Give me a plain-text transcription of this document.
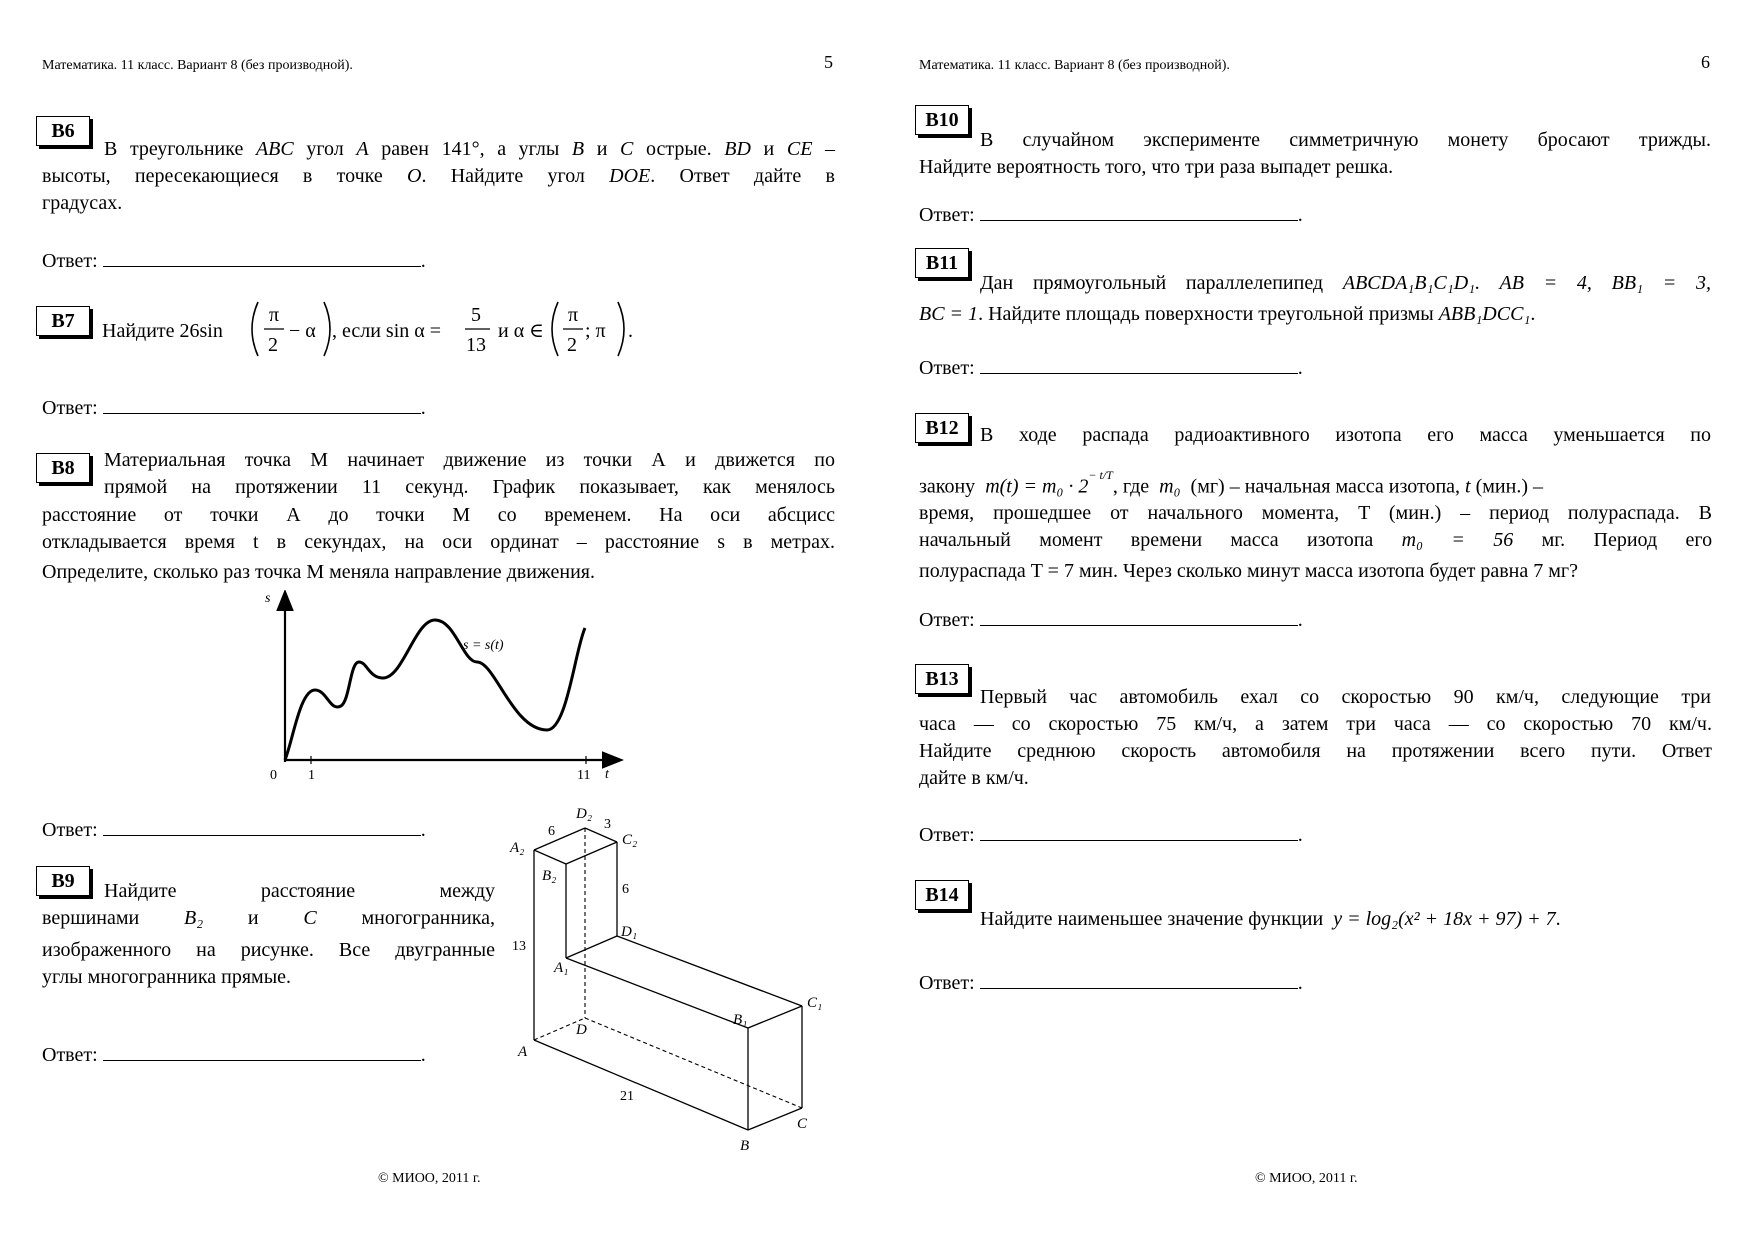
Математика. 11 класс. Вариант 8 (без производной).	5
B6
В треугольнике ABC угол A равен 141°, а углы B и C острые. BD и CE –
высоты, пересекающиеся в точке O. Найдите угол DOE. Ответ дайте в
градусах.
Ответ:	.
B7	Найдите 26sin
π
2
− α , если sin α =
5
13
и α ∈
π
2
; π .
Ответ:	.
B8	Материальная точка М начинает движение из точки А и движется по
прямой на протяжении 11 секунд. График показывает, как менялось
расстояние от точки А до точки М со временем. На оси абсцисс
откладывается время t в секундах, на оси ординат – расстояние s в метрах.
Определите, сколько раз точка М меняла направление движения.
s
t
0 1	11
s = s(t)
Ответ:	.
B9	Найдите	расстояние	между
вершинами B₂ и C многогранника,
изображенного на рисунке. Все двугранные
углы многогранника прямые.
Ответ:	.
D₂
C₂
A₂
B₂
D₁
A₁
B₁
C₁
D
A
B
C
6	3
6
13
21
© МИОО, 2011 г.
Математика. 11 класс. Вариант 8 (без производной).	6
B10
В случайном эксперименте симметричную монету бросают трижды.
Найдите вероятность того, что три раза выпадет решка.
Ответ:	.
B11
Дан прямоугольный параллелепипед ABCDA₁B₁C₁D₁. AB = 4, BB₁ = 3,
BC = 1. Найдите площадь поверхности треугольной призмы ABB₁DCC₁.
Ответ:	.
B12	В ходе распада радиоактивного изотопа его масса уменьшается по
закону $m(t) = m_0 \cdot 2^{- t/T}$, где m₀ (мг) – начальная масса изотопа, t (мин.) –
время, прошедшее от начального момента, T (мин.) – период полураспада. В
начальный момент времени масса изотопа m₀ = 56 мг. Период его
полураспада T = 7 мин. Через сколько минут масса изотопа будет равна 7 мг?
Ответ:	.
B13
Первый час автомобиль ехал со скоростью 90 км/ч, следующие три
часа — со скоростью 75 км/ч, а затем три часа — со скоростью 70 км/ч.
Найдите среднюю скорость автомобиля на протяжении всего пути. Ответ
дайте в км/ч.
Ответ:	.
B14
Найдите наименьшее значение функции y = log₂(x² + 18x + 97) + 7.
Ответ:	.
© МИОО, 2011 г.
